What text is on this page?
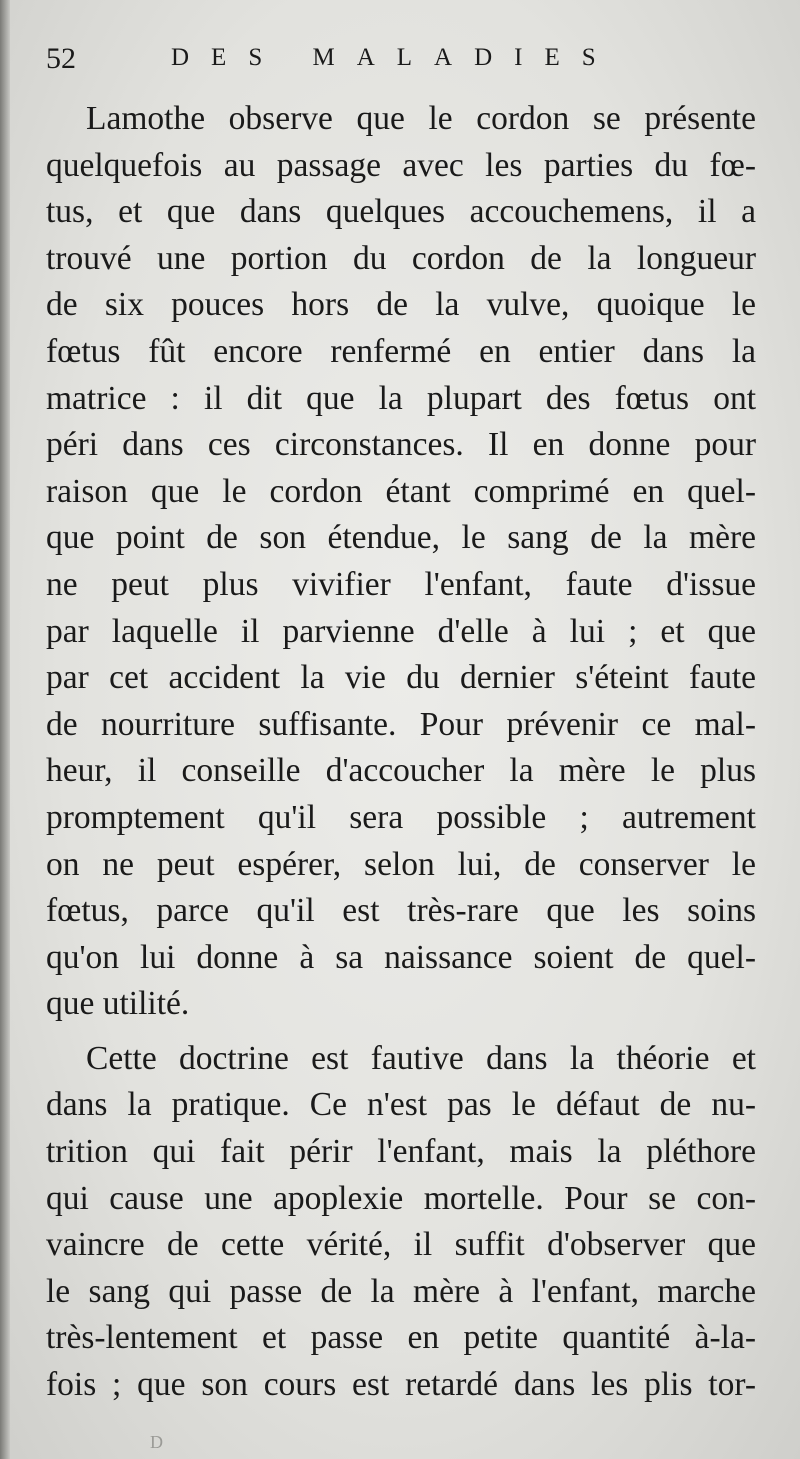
52	DES MALADIES
Lamothe observe que le cordon se présente
quelquefois au passage avec les parties du fœ-
tus, et que dans quelques accouchemens, il a
trouvé une portion du cordon de la longueur
de six pouces hors de la vulve, quoique le
fœtus fût encore renfermé en entier dans la
matrice : il dit que la plupart des fœtus ont
péri dans ces circonstances. Il en donne pour
raison que le cordon étant comprimé en quel-
que point de son étendue, le sang de la mère
ne peut plus vivifier l'enfant, faute d'issue
par laquelle il parvienne d'elle à lui ; et que
par cet accident la vie du dernier s'éteint faute
de nourriture suffisante. Pour prévenir ce mal-
heur, il conseille d'accoucher la mère le plus
promptement qu'il sera possible ; autrement
on ne peut espérer, selon lui, de conserver le
fœtus, parce qu'il est très-rare que les soins
qu'on lui donne à sa naissance soient de quel-
que utilité.
Cette doctrine est fautive dans la théorie et
dans la pratique. Ce n'est pas le défaut de nu-
trition qui fait périr l'enfant, mais la pléthore
qui cause une apoplexie mortelle. Pour se con-
vaincre de cette vérité, il suffit d'observer que
le sang qui passe de la mère à l'enfant, marche
très-lentement et passe en petite quantité à-la-
fois ; que son cours est retardé dans les plis tor-
D
